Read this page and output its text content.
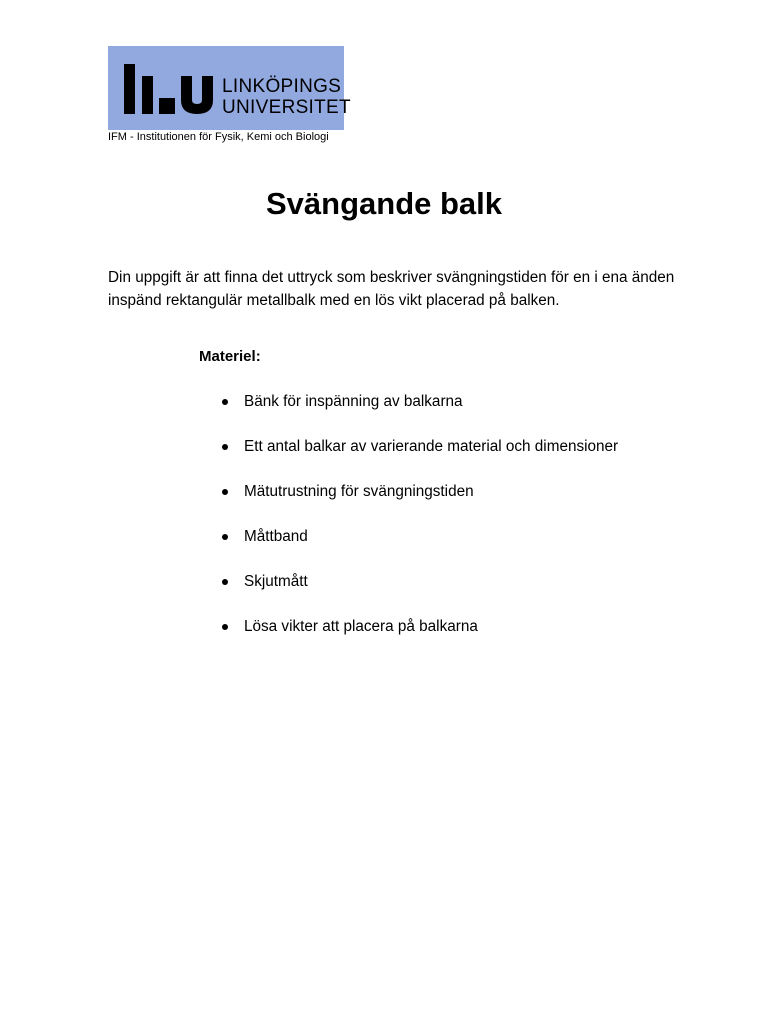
LINKÖPINGS
UNIVERSITET
IFM - Institutionen för Fysik, Kemi och Biologi
Svängande balk

Din uppgift är att finna det uttryck som beskriver svängningstiden för en i ena änden inspänd rektangulär metallbalk med en lös vikt placerad på balken.

Materiel:
Bänk för inspänning av balkarna
Ett antal balkar av varierande material och dimensioner
Mätutrustning för svängningstiden
Måttband
Skjutmått
Lösa vikter att placera på balkarna
